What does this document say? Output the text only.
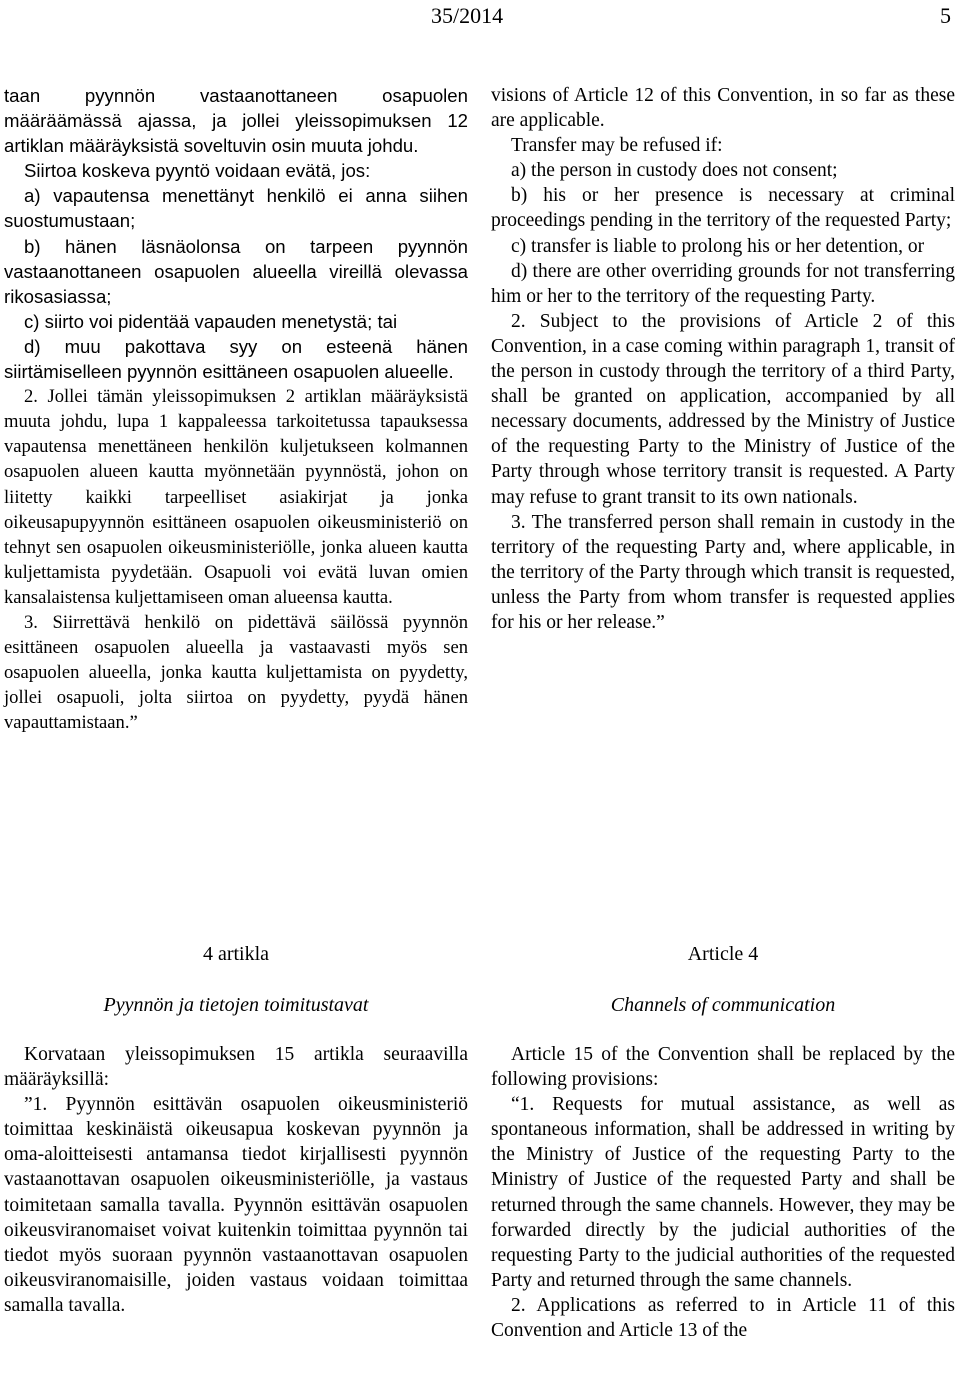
35/2014	5

taan pyynnön vastaanottaneen osapuolen määräämässä ajassa, ja jollei yleissopimuksen 12 artiklan määräyksistä soveltuvin osin muuta johdu.

Siirtoa koskeva pyyntö voidaan evätä, jos:

a) vapautensa menettänyt henkilö ei anna siihen suostumustaan;

b) hänen läsnäolonsa on tarpeen pyynnön vastaanottaneen osapuolen alueella vireillä olevassa rikosasiassa;

c) siirto voi pidentää vapauden menetystä; tai

d) muu pakottava syy on esteenä hänen siirtämiselleen pyynnön esittäneen osapuolen alueelle.

2. Jollei tämän yleissopimuksen 2 artiklan määräyksistä muuta johdu, lupa 1 kappaleessa tarkoitetussa tapauksessa vapautensa menettäneen henkilön kuljetukseen kolmannen osapuolen alueen kautta myönnetään pyynnöstä, johon on liitetty kaikki tarpeelliset asiakirjat ja jonka oikeusapupyynnön esittäneen osapuolen oikeusministeriö on tehnyt sen osapuolen oikeusministeriölle, jonka alueen kautta kuljettamista pyydetään. Osapuoli voi evätä luvan omien kansalaistensa kuljettamiseen oman alueensa kautta.

3. Siirrettävä henkilö on pidettävä säilössä pyynnön esittäneen osapuolen alueella ja vastaavasti myös sen osapuolen alueella, jonka kautta kuljettamista on pyydetty, jollei osapuoli, jolta siirtoa on pyydetty, pyydä hänen vapauttamistaan.”

visions of Article 12 of this Convention, in so far as these are applicable.

Transfer may be refused if:

a) the person in custody does not consent;

b) his or her presence is necessary at criminal proceedings pending in the territory of the requested Party;

c) transfer is liable to prolong his or her detention, or

d) there are other overriding grounds for not transferring him or her to the territory of the requesting Party.

2. Subject to the provisions of Article 2 of this Convention, in a case coming within paragraph 1, transit of the person in custody through the territory of a third Party, shall be granted on application, accompanied by all necessary documents, addressed by the Ministry of Justice of the requesting Party to the Ministry of Justice of the Party through whose territory transit is requested. A Party may refuse to grant transit to its own nationals.

3. The transferred person shall remain in custody in the territory of the requesting Party and, where applicable, in the territory of the Party through which transit is requested, unless the Party from whom transfer is requested applies for his or her release.”

4 artikla	Article 4
Pyynnön ja tietojen toimitustavat	Channels of communication

Korvataan yleissopimuksen 15 artikla seuraavilla määräyksillä:

”1. Pyynnön esittävän osapuolen oikeusministeriö toimittaa keskinäistä oikeusapua koskevan pyynnön ja oma-aloitteisesti antamansa tiedot kirjallisesti pyynnön vastaanottavan osapuolen oikeusministeriölle, ja vastaus toimitetaan samalla tavalla. Pyynnön esittävän osapuolen oikeusviranomaiset voivat kuitenkin toimittaa pyynnön tai tiedot myös suoraan pyynnön vastaanottavan osapuolen oikeusviranomaisille, joiden vastaus voidaan toimittaa samalla tavalla.

Article 15 of the Convention shall be replaced by the following provisions:

“1. Requests for mutual assistance, as well as spontaneous information, shall be addressed in writing by the Ministry of Justice of the requesting Party to the Ministry of Justice of the requested Party and shall be returned through the same channels. However, they may be forwarded directly by the judicial authorities of the requesting Party to the judicial authorities of the requested Party and returned through the same channels.

2. Applications as referred to in Article 11 of this Convention and Article 13 of the
